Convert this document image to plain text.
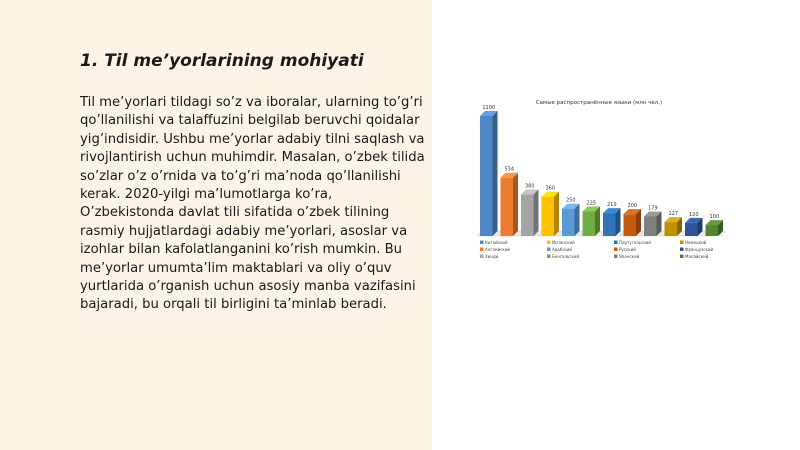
1. Til me’yorlarining mohiyati

Til me’yorlari tildagi so’z va iboralar, ularning to’g’ri qo’llanilishi va talaffuzini belgilab beruvchi qoidalar yig’indisidir. Ushbu me’yorlar adabiy tilni saqlash va rivojlantirish uchun muhimdir. Masalan, o’zbek tilida so’zlar o’z o’rnida va to’g’ri ma’noda qo’llanilishi kerak. 2020-yilgi ma’lumotlarga ko’ra, O’zbekistonda davlat tili sifatida o’zbek tilining rasmiy hujjatlardagi adabiy me’yorlari, asoslar va izohlar bilan kafolatlanganini ko’rish mumkin. Bu me’yorlar umumta’lim maktablari va oliy o’quv yurtlarida o’rganish uchun asosiy manba vazifasini bajaradi, bu orqali til birligini ta’minlab beradi.

Самые распространённые языки (млн чел.)
1100
534
380 360
250 225 210 200 179
127 120 100
Китайский
Английский
Хинди
Испанский
Арабский
Бенгальский
Португальский
Русский
Японский
Немецкий
Французский
Малайский
